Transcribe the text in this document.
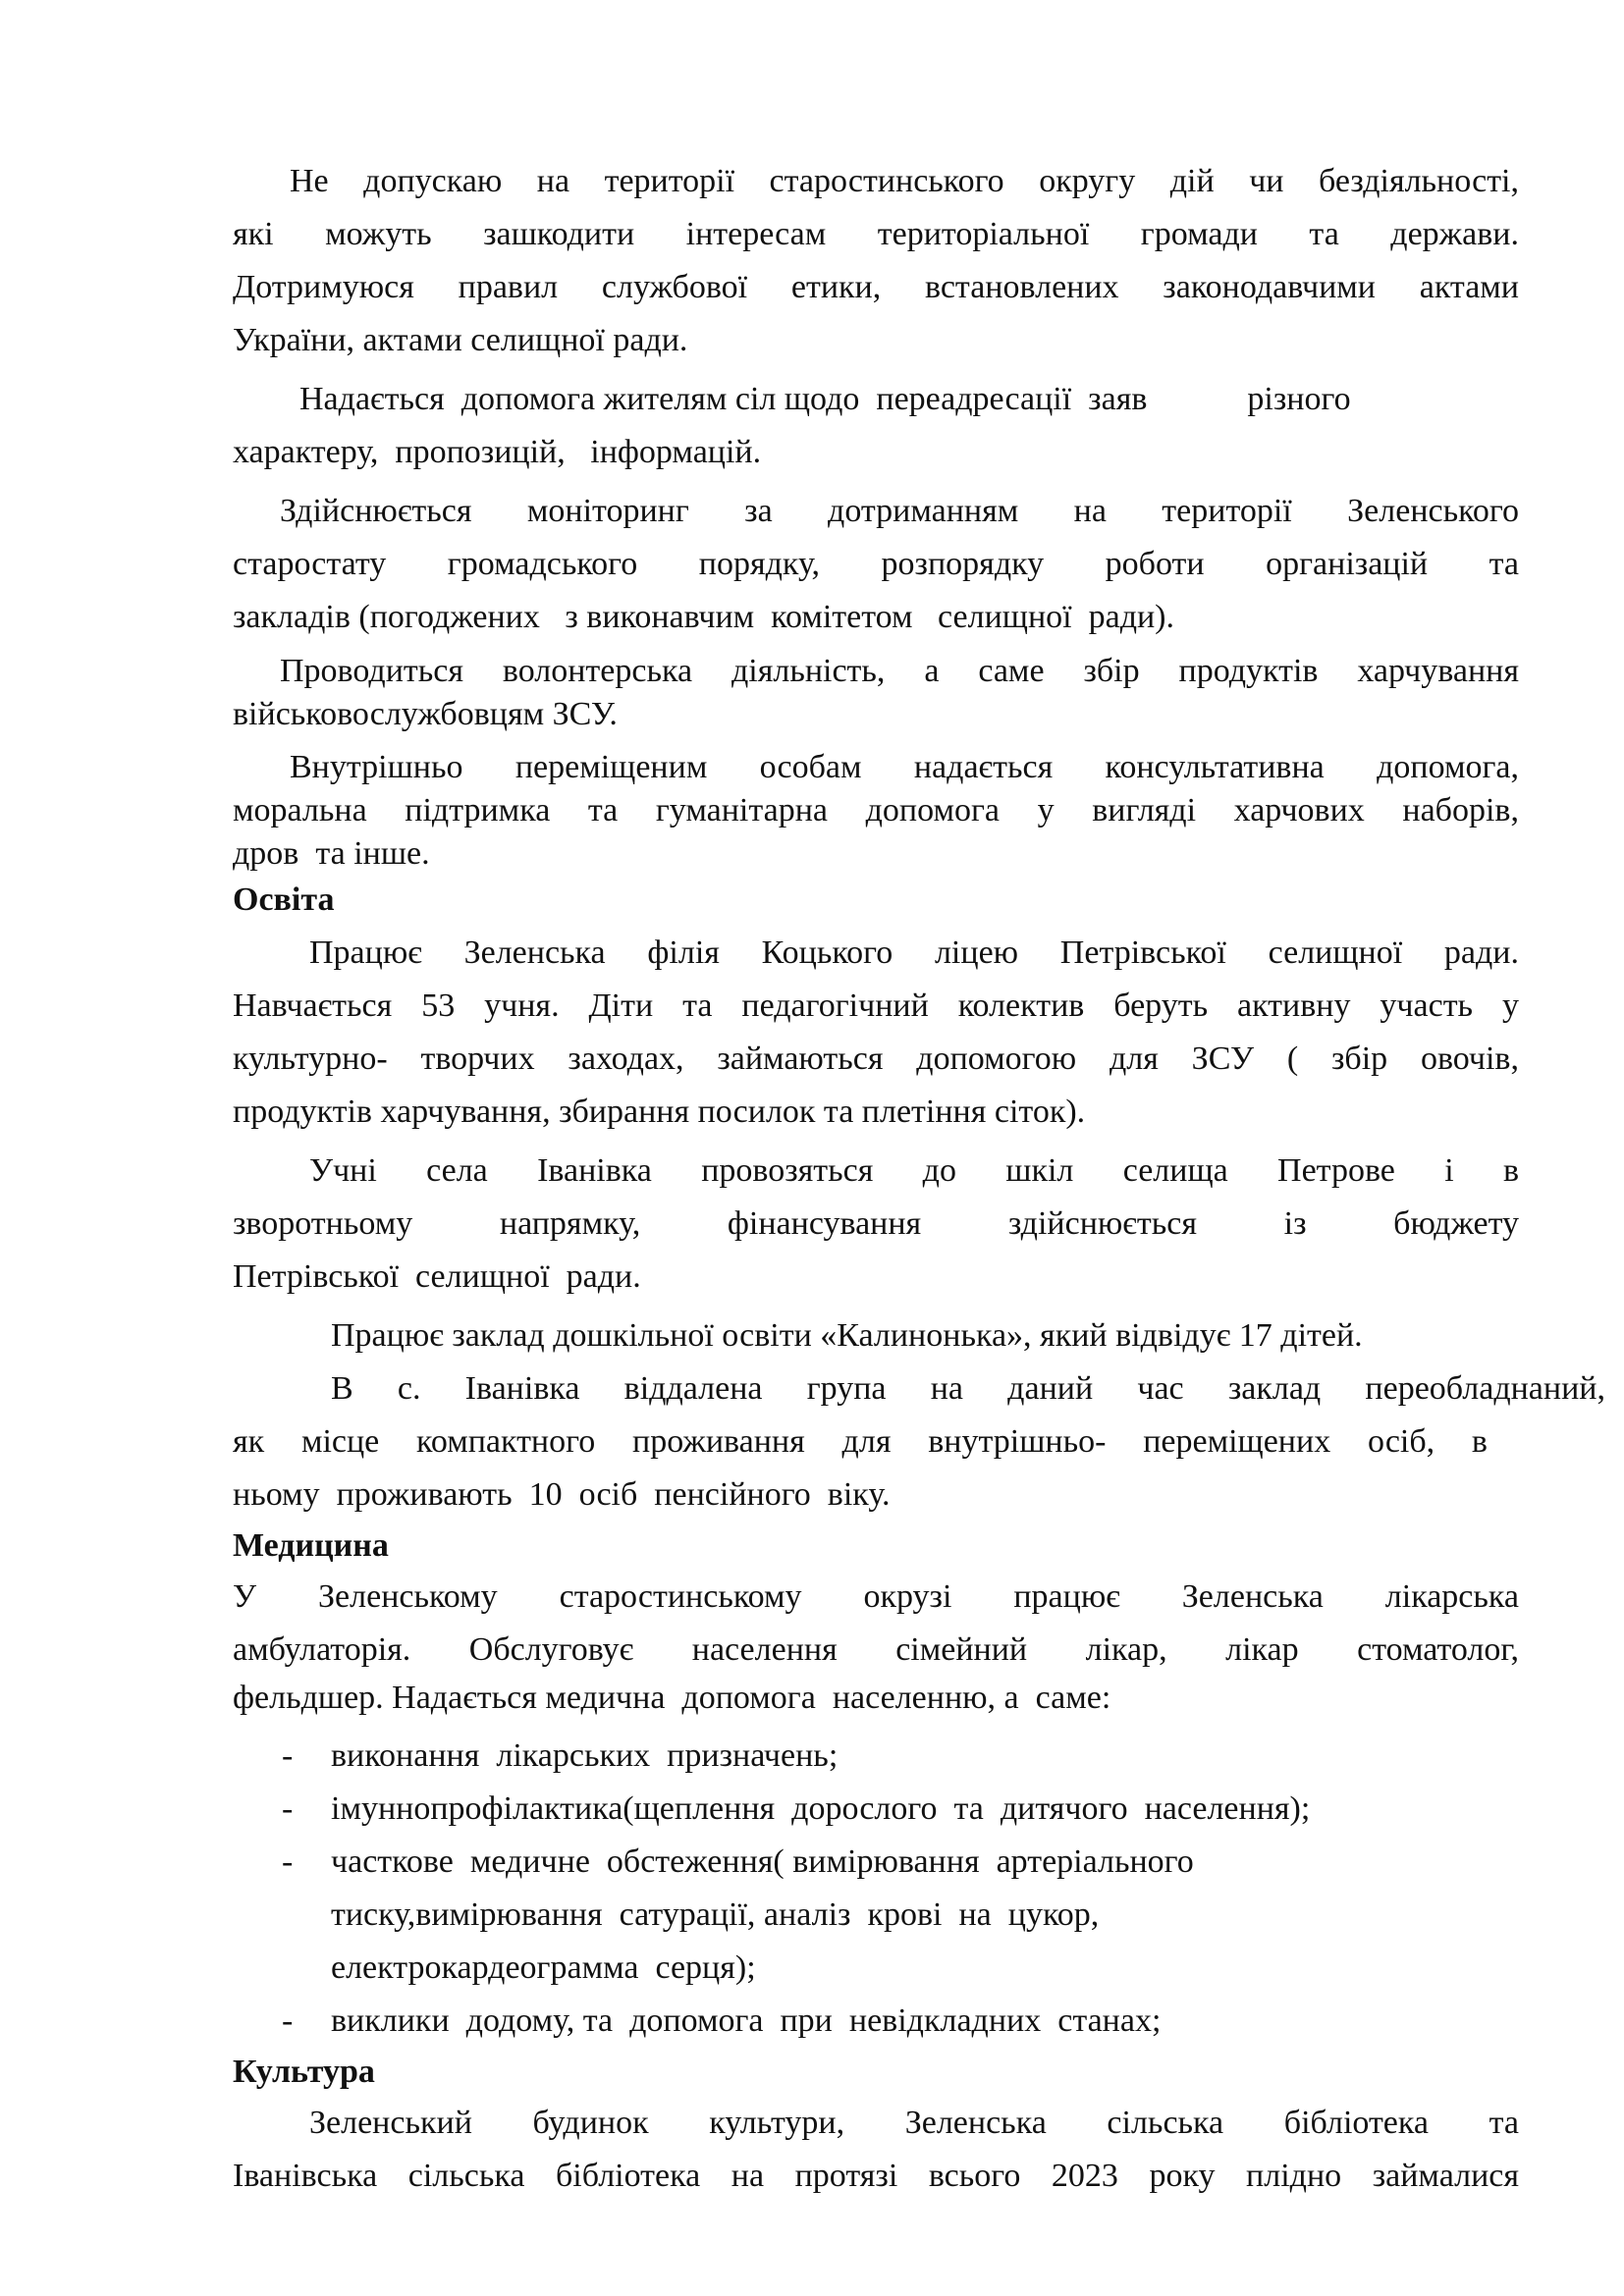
Не допускаю на території старостинського округу дій чи бездіяльності,
які можуть зашкодити інтересам територіальної громади та держави.
Дотримуюся правил службової етики, встановлених законодавчими актами
України, актами селищної ради.
Надається  допомога жителям сіл щодо  переадресації  заяв            різного
характеру,  пропозицій,   інформацій.
Здійснюється моніторинг за дотриманням на території Зеленського
старостату громадського порядку, розпорядку роботи організацій та
закладів (погоджених   з виконавчим  комітетом   селищної  ради).
Проводиться волонтерська діяльність, а саме збір продуктів харчування
військовослужбовцям ЗСУ.
Внутрішньо переміщеним особам надається консультативна допомога,
моральна підтримка та гуманітарна допомога у вигляді харчових наборів,
дров  та інше.
Освіта
Працює Зеленська філія Коцького ліцею Петрівської селищної ради.
Навчається 53 учня. Діти та педагогічний колектив беруть активну участь у
культурно- творчих заходах, займаються допомогою для ЗСУ ( збір овочів,
продуктів харчування, збирання посилок та плетіння сіток).
Учні села Іванівка провозяться до шкіл селища Петрове і в
зворотньому напрямку, фінансування здійснюється із бюджету
Петрівської  селищної  ради.
Працює заклад дошкільної освіти «Калинонька», який відвідує 17 дітей.
В с. Іванівка віддалена група на даний час заклад переобладнаний,
як місце компактного проживання для внутрішньо- переміщених осіб, в
ньому  проживають  10  осіб  пенсійного  віку.
Медицина
У Зеленському старостинському окрузі працює Зеленська лікарська
амбулаторія. Обслуговує населення сімейний лікар, лікар стоматолог,
фельдшер. Надається медична  допомога  населенню, а  саме:
- виконання  лікарських  призначень;
- імуннопрофілактика(щеплення  дорослого  та  дитячого  населення);
- часткове  медичне  обстеження( вимірювання  артеріального
тиску,вимірювання  сатурації, аналіз  крові  на  цукор,
електрокардеограмма  серця);
- виклики  додому, та  допомога  при  невідкладних  станах;
Культура
Зеленський будинок культури, Зеленська сільська бібліотека та
Іванівська сільська бібліотека на протязі всього 2023 року плідно займалися
